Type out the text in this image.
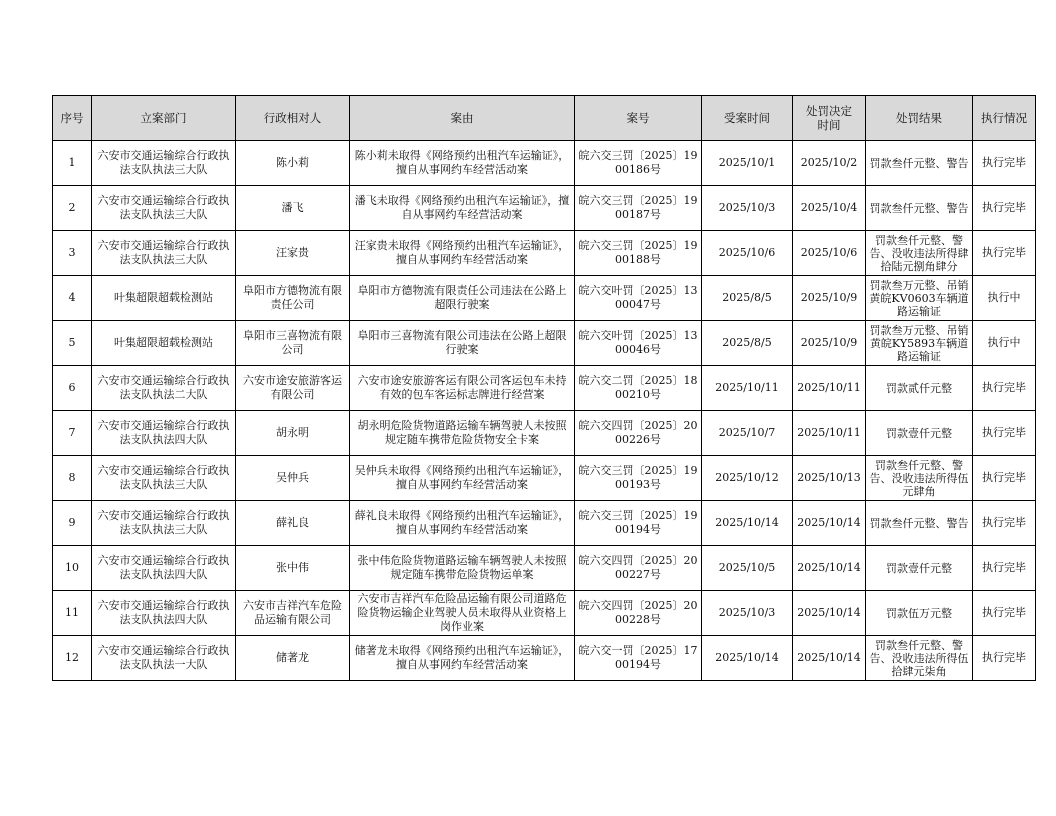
序号	立案部门	行政相对人	案由	案号	受案时间	处罚决定时间	处罚结果	执行情况
1	六安市交通运输综合行政执法支队执法三大队	陈小莉	陈小莉未取得《网络预约出租汽车运输证》，擅自从事网约车经营活动案	皖六交三罚〔2025〕1900186号	2025/10/1	2025/10/2	罚款叁仟元整、警告	执行完毕
2	六安市交通运输综合行政执法支队执法三大队	潘飞	潘飞未取得《网络预约出租汽车运输证》，擅自从事网约车经营活动案	皖六交三罚〔2025〕1900187号	2025/10/3	2025/10/4	罚款叁仟元整、警告	执行完毕
3	六安市交通运输综合行政执法支队执法三大队	汪家贵	汪家贵未取得《网络预约出租汽车运输证》，擅自从事网约车经营活动案	皖六交三罚〔2025〕1900188号	2025/10/6	2025/10/6	罚款叁仟元整、警告、没收违法所得肆拾陆元捌角肆分	执行完毕
4	叶集超限超载检测站	阜阳市方德物流有限责任公司	阜阳市方德物流有限责任公司违法在公路上超限行驶案	皖六交叶罚〔2025〕1300047号	2025/8/5	2025/10/9	罚款叁万元整、吊销黄皖KV0603车辆道路运输证	执行中
5	叶集超限超载检测站	阜阳市三喜物流有限公司	阜阳市三喜物流有限公司违法在公路上超限行驶案	皖六交叶罚〔2025〕1300046号	2025/8/5	2025/10/9	罚款叁万元整、吊销黄皖KY5893车辆道路运输证	执行中
6	六安市交通运输综合行政执法支队执法二大队	六安市途安旅游客运有限公司	六安市途安旅游客运有限公司客运包车未持有效的包车客运标志牌进行经营案	皖六交二罚〔2025〕1800210号	2025/10/11	2025/10/11	罚款贰仟元整	执行完毕
7	六安市交通运输综合行政执法支队执法四大队	胡永明	胡永明危险货物道路运输车辆驾驶人未按照规定随车携带危险货物安全卡案	皖六交四罚〔2025〕2000226号	2025/10/7	2025/10/11	罚款壹仟元整	执行完毕
8	六安市交通运输综合行政执法支队执法三大队	吴仲兵	吴仲兵未取得《网络预约出租汽车运输证》，擅自从事网约车经营活动案	皖六交三罚〔2025〕1900193号	2025/10/12	2025/10/13	罚款叁仟元整、警告、没收违法所得伍元肆角	执行完毕
9	六安市交通运输综合行政执法支队执法三大队	薛礼良	薛礼良未取得《网络预约出租汽车运输证》，擅自从事网约车经营活动案	皖六交三罚〔2025〕1900194号	2025/10/14	2025/10/14	罚款叁仟元整、警告	执行完毕
10	六安市交通运输综合行政执法支队执法四大队	张中伟	张中伟危险货物道路运输车辆驾驶人未按照规定随车携带危险货物运单案	皖六交四罚〔2025〕2000227号	2025/10/5	2025/10/14	罚款壹仟元整	执行完毕
11	六安市交通运输综合行政执法支队执法四大队	六安市吉祥汽车危险品运输有限公司	六安市吉祥汽车危险品运输有限公司道路危险货物运输企业驾驶人员未取得从业资格上岗作业案	皖六交四罚〔2025〕2000228号	2025/10/3	2025/10/14	罚款伍万元整	执行完毕
12	六安市交通运输综合行政执法支队执法一大队	储著龙	储著龙未取得《网络预约出租汽车运输证》，擅自从事网约车经营活动案	皖六交一罚〔2025〕1700194号	2025/10/14	2025/10/14	罚款叁仟元整、警告、没收违法所得伍拾肆元柒角	执行完毕
